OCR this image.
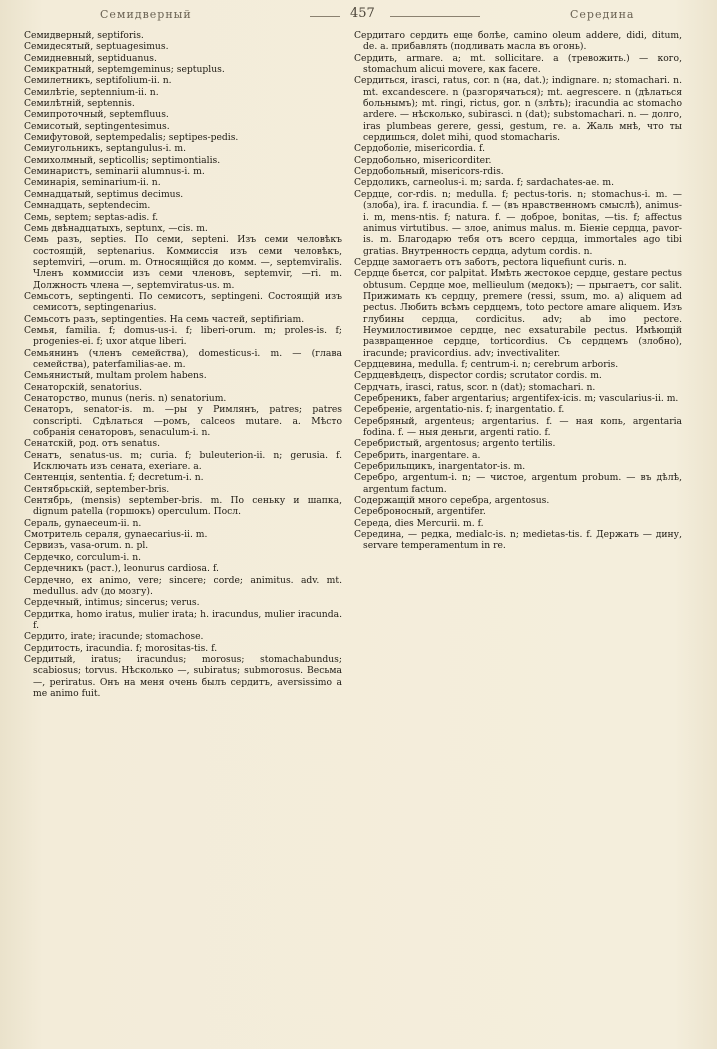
Семидверный	457	Середина

Семидверный, septiforis.

Семидесятый, septuagesimus.

Семидневный, septiduanus.

Семикратный, septemgeminus; septuplus.

Семилетникъ, septifolium-ii. n.

Семилѣтіе, septennium-ii. n.

Семилѣтній, septennis.

Семипроточный, septemfluus.

Семисотый, septingentesimus.

Семифутовой, septempedalis; septipes-pedis.

Семиугольникъ, septangulus-i. m.

Семихолмный, septicollis; septimontialis.

Семинаристъ, seminarii alumnus-i. m.

Семинарія, seminarium-ii. n.

Семнадцатый, septimus decimus.

Семнадцать, septendecim.

Семь, septem; septas-adis. f.

Семь двѣнадцатыхъ, septunx, —cis. m.

Семь разъ, septies. По семи, septeni. Изъ семи человѣкъ состоящій, septenarius. Коммиссія изъ семи человѣкъ, septemviri, —orum. m. Относящійся до комм. —, septemviralis. Членъ коммиссіи изъ семи членовъ, septemvir, —ri. m. Должность члена —, septemviratus-us. m.

Семьсотъ, septingenti. По семисотъ, septingeni. Состоящій изъ семисотъ, septingenarius.

Семьсотъ разъ, septingenties. На семь частей, septifiriam.

Семья, familia. f; domus-us-i. f; liberi-orum. m; proles-is. f; progenies-ei. f; uxor atque liberi.

Семьянинъ (членъ семейства), domesticus-i. m. — (глава семейства), paterfamilias-ae. m.

Семьянистый, multam prolem habens.

Сенаторскій, senatorius.

Сенаторство, munus (neris. n) senatorium.

Сенаторъ, senator-is. m. —ры у Римлянъ, patres; patres conscripti. Сдѣлаться —ромъ, calceos mutare. a. Мѣсто собранія сенаторовъ, senaculum-i. n.

Сенатскій, род. отъ senatus.

Сенатъ, senatus-us. m; curia. f; buleuterion-ii. n; gerusia. f. Исключать изъ сената, exeriare. a.

Сентенція, sententia. f; decretum-i. n.

Сентябрьскій, september-bris.

Сентябрь, (mensis) september-bris. m. По сеньку и шапка, dignum patella (горшокъ) operculum. Посл.

Сераль, gynaeceum-ii. n.

Смотритель сераля, gynaecarius-ii. m.

Сервизъ, vasa-orum. n. pl.

Сердечко, corculum-i. n.

Сердечникъ (раст.), leonurus cardiosa. f.

Сердечно, ex animo, vere; sincere; corde; animitus. adv. mt. medullus. adv (до мозгу).

Сердечный, intimus; sincerus; verus.

Сердитка, homo iratus, mulier irata; h. iracundus, mulier iracunda. f.

Сердито, irate; iracunde; stomachose.

Сердитость, iracundia. f; morositas-tis. f.

Сердитый, iratus; iracundus; morosus; stomachabundus; scabiosus; torvus. Нѣсколько —, subiratus; submorosus. Весьма —, periratus. Онъ на меня очень былъ сердитъ, aversissimo a me animo fuit.

Сердитаго сердить еще болѣе, camino oleum addere, didi, ditum, de. a. прибавлять (подливать масла въ огонь).

Сердить, armare. a; mt. sollicitare. a (тревожить.) — кого, stomachum alicui movere, как facere.

Сердиться, irasci, ratus, cor. n (на, dat.); indignare. n; stomachari. n. mt. excandescere. n (разгорячаться); mt. aegrescere. n (дѣлаться больнымъ); mt. ringi, rictus, gor. n (злѣть); iracundia ac stomacho ardere. — нѣсколько, subirasci. n (dat); substomachari. n. — долго, iras plumbeas gerere, gessi, gestum, ге. a. Жаль мнѣ, что ты сердишься, dolet mihi, quod stomacharis.

Сердоболіе, misericordia. f.

Сердобольно, misericorditer.

Сердобольный, misericors-rdis.

Сердоликъ, carneolus-i. m; sarda. f; sardachates-ae. m.

Сердце, cor-rdis. n; medulla. f; pectus-toris. n; stomachus-i. m. — (злоба), ira. f. iracundia. f. — (въ нравственномъ смыслѣ), animus-i. m, mens-ntis. f; natura. f. — доброе, bonitas, —tis. f; affectus animus virtutibus. — злое, animus malus. m. Біеніе сердца, pavor-is. m. Благодарю тебя отъ всего сердца, immortales ago tibi gratias. Внутренность сердца, adytum cordis. n.

Сердце замогаетъ отъ заботъ, pectora liquefiunt curis. n.

Сердце бьется, cor palpitat. Имѣть жестокое сердце, gestare pectus obtusum. Сердце мое, mellieulum (медокъ); — прыгаетъ, cor salit. Прижимать къ сердцу, premere (ressi, ssum, mo. a) aliquem ad pectus. Любить всѣмъ сердцемъ, toto pectore amare aliquem. Изъ глубины сердца, cordicitus. adv; ab imo pectore. Неумилостивимое сердце, nec exsaturabile pectus. Имѣющій развращенное сердце, torticordius. Съ сердцемъ (злобно), iracunde; pravicordius. adv; invectivaliter.

Сердцевина, medulla. f; centrum-i. n; cerebrum arboris.

Сердцевѣдецъ, dispector cordis; scrutator cordis. m.

Сердчать, irasci, ratus, scor. n (dat); stomachari. n.

Серебреникъ, faber argentarius; argentifex-icis. m; vascularius-ii. m.

Серебреніе, argentatio-nis. f; inargentatio. f.

Серебряный, argenteus; argentarius. f. — ная копь, argentaria fodina. f. — ныя деньги, argenti ratio. f.

Серебристый, argentosus; argento tertilis.

Серебрить, inargentare. a.

Серебрильщикъ, inargentator-is. m.

Серебро, argentum-i. n; — чистое, argentum probum. — въ дѣлѣ, argentum factum.

Содержащій много серебра, argentosus.

Сереброносный, argentifer.

Середа, dies Mercurii. m. f.

Середина, — редка, medialc-is. n; medietas-tis. f. Держать — дину, servare temperamentum in re.
